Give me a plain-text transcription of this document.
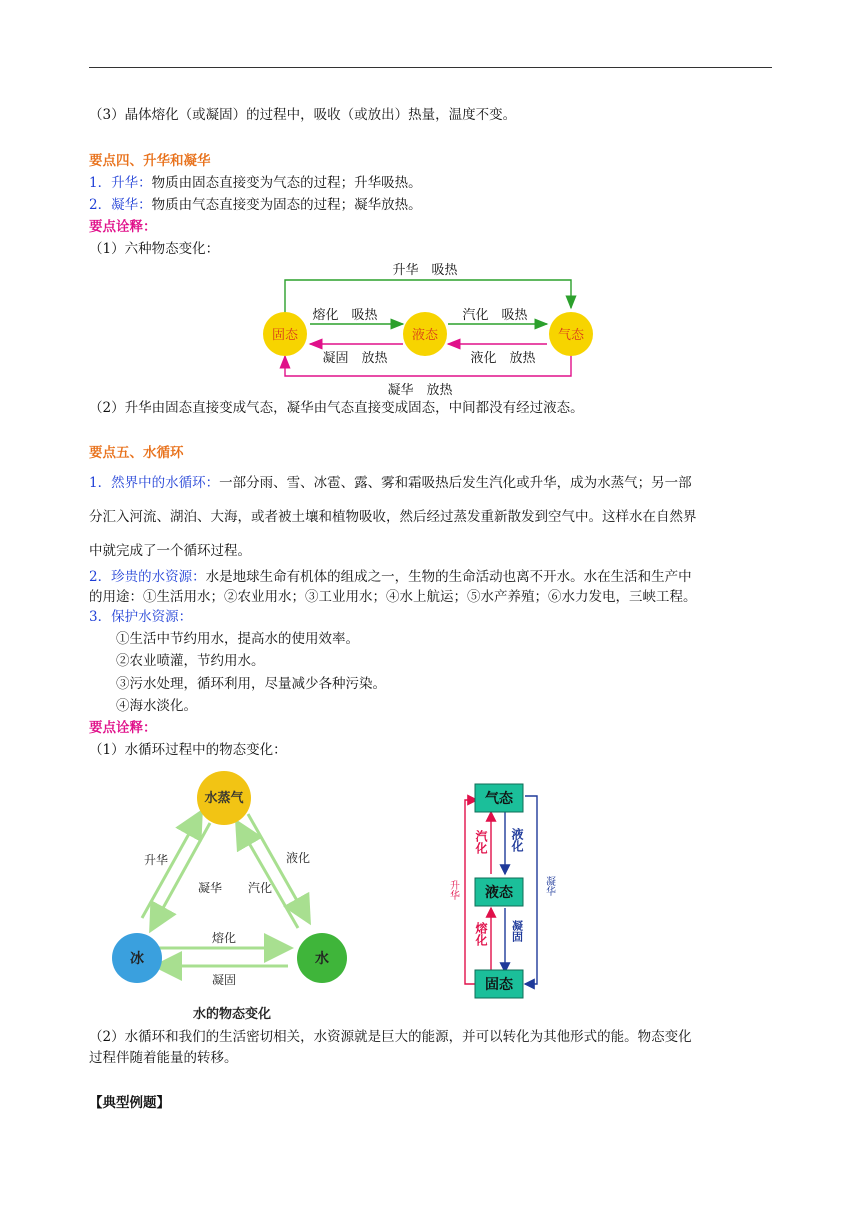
（3）晶体熔化（或凝固）的过程中，吸收（或放出）热量，温度不变。
要点四、升华和凝华
1．升华：物质由固态直接变为气态的过程；升华吸热。
2．凝华：物质由气态直接变为固态的过程；凝华放热。
要点诠释：
（1）六种物态变化：
固态	液态	气态
升华　吸热
熔化　吸热
凝固　放热
汽化　吸热
液化　放热
凝华　放热
（2）升华由固态直接变成气态，凝华由气态直接变成固态，中间都没有经过液态。
要点五、水循环
1．然界中的水循环：一部分雨、雪、冰雹、露、雾和霜吸热后发生汽化或升华，成为水蒸气；另一部
分汇入河流、湖泊、大海，或者被土壤和植物吸收，然后经过蒸发重新散发到空气中。这样水在自然界
中就完成了一个循环过程。
2．珍贵的水资源：水是地球生命有机体的组成之一，生物的生命活动也离不开水。水在生活和生产中
的用途：①生活用水；②农业用水；③工业用水；④水上航运；⑤水产养殖；⑥水力发电，三峡工程。
3．保护水资源：
①生活中节约用水，提高水的使用效率。
②农业喷灌，节约用水。
③污水处理，循环利用，尽量减少各种污染。
④海水淡化。
要点诠释：
（1）水循环过程中的物态变化：
水蒸气
冰	水
升华
凝华
液化
汽化
熔化
凝固
水的物态变化
气态
液态
固态
汽化 液化
熔化 凝固
升华	凝华
（2）水循环和我们的生活密切相关，水资源就是巨大的能源，并可以转化为其他形式的能。物态变化
过程伴随着能量的转移。
【典型例题】
